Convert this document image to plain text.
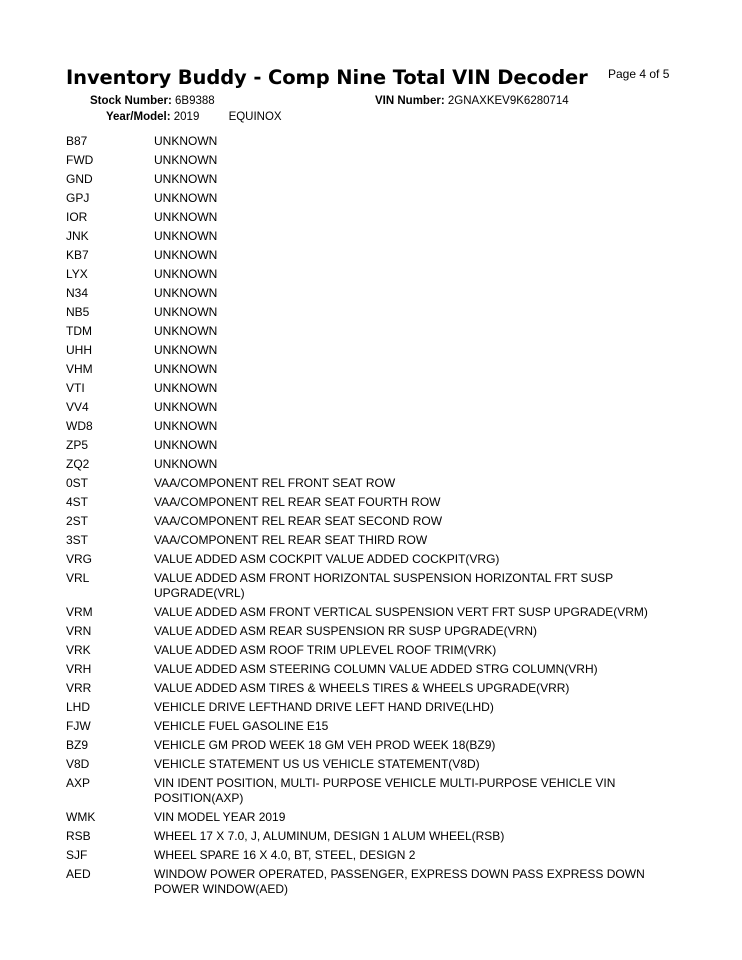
Inventory Buddy - Comp Nine Total VIN Decoder Page 4 of 5
Stock Number: 6B9388	VIN Number: 2GNAXKEV9K6280714
Year/Model: 2019	EQUINOX
B87	UNKNOWN
FWD	UNKNOWN
GND	UNKNOWN
GPJ	UNKNOWN
IOR	UNKNOWN
JNK	UNKNOWN
KB7	UNKNOWN
LYX	UNKNOWN
N34	UNKNOWN
NB5	UNKNOWN
TDM	UNKNOWN
UHH	UNKNOWN
VHM	UNKNOWN
VTI	UNKNOWN
VV4	UNKNOWN
WD8	UNKNOWN
ZP5	UNKNOWN
ZQ2	UNKNOWN
0ST	VAA/COMPONENT REL FRONT SEAT ROW
4ST	VAA/COMPONENT REL REAR SEAT FOURTH ROW
2ST	VAA/COMPONENT REL REAR SEAT SECOND ROW
3ST	VAA/COMPONENT REL REAR SEAT THIRD ROW
VRG	VALUE ADDED ASM COCKPIT VALUE ADDED COCKPIT(VRG)
VRL	VALUE ADDED ASM FRONT HORIZONTAL SUSPENSION HORIZONTAL FRT SUSP UPGRADE(VRL)
VRM	VALUE ADDED ASM FRONT VERTICAL SUSPENSION VERT FRT SUSP UPGRADE(VRM)
VRN	VALUE ADDED ASM REAR SUSPENSION RR SUSP UPGRADE(VRN)
VRK	VALUE ADDED ASM ROOF TRIM UPLEVEL ROOF TRIM(VRK)
VRH	VALUE ADDED ASM STEERING COLUMN VALUE ADDED STRG COLUMN(VRH)
VRR	VALUE ADDED ASM TIRES & WHEELS TIRES & WHEELS UPGRADE(VRR)
LHD	VEHICLE DRIVE LEFTHAND DRIVE LEFT HAND DRIVE(LHD)
FJW	VEHICLE FUEL GASOLINE E15
BZ9	VEHICLE GM PROD WEEK 18 GM VEH PROD WEEK 18(BZ9)
V8D	VEHICLE STATEMENT US US VEHICLE STATEMENT(V8D)
AXP	VIN IDENT POSITION, MULTI- PURPOSE VEHICLE MULTI-PURPOSE VEHICLE VIN POSITION(AXP)
WMK	VIN MODEL YEAR 2019
RSB	WHEEL 17 X 7.0, J, ALUMINUM, DESIGN 1 ALUM WHEEL(RSB)
SJF	WHEEL SPARE 16 X 4.0, BT, STEEL, DESIGN 2
AED	WINDOW POWER OPERATED, PASSENGER, EXPRESS DOWN PASS EXPRESS DOWN POWER WINDOW(AED)
